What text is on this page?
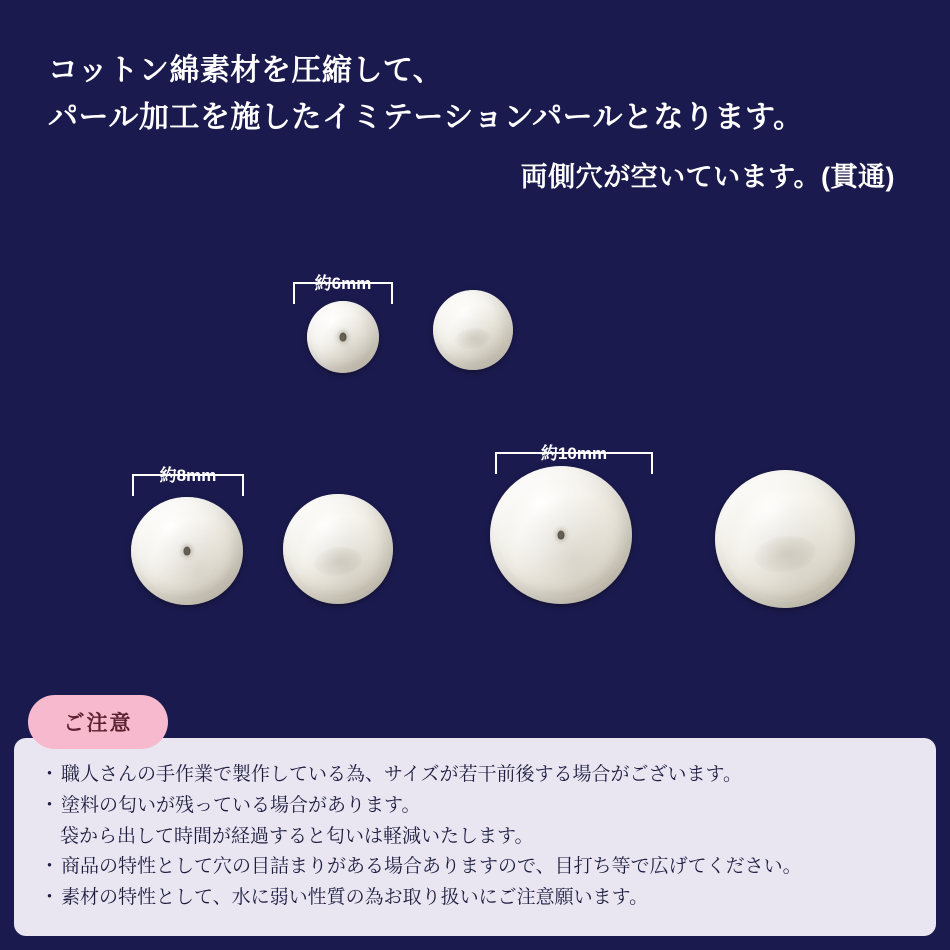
コットン綿素材を圧縮して、
パール加工を施したイミテーションパールとなります。
両側穴が空いています。(貫通)
ご注意
・ 職人さんの手作業で製作している為、サイズが若干前後する場合がございます。
・ 塗料の匂いが残っている場合があります。
袋から出して時間が経過すると匂いは軽減いたします。
・ 商品の特性として穴の目詰まりがある場合ありますので、目打ち等で広げてください。
・ 素材の特性として、水に弱い性質の為お取り扱いにご注意願います。
